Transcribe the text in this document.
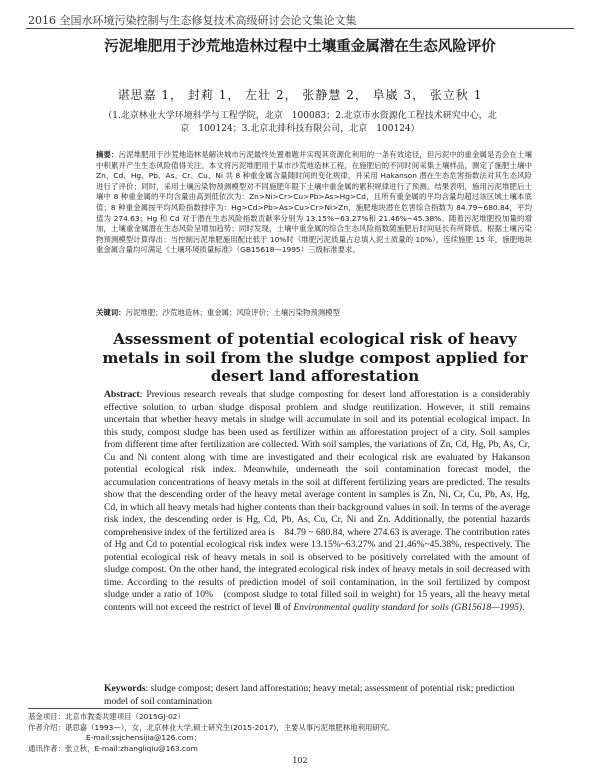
2016 全国水环境污染控制与生态修复技术高级研讨会论文集论文集
污泥堆肥用于沙荒地造林过程中土壤重金属潜在生态风险评价
谌思嘉 1， 封莉 1， 左壮 2， 张静慧 2， 阜崴 3， 张立秋 1
（1.北京林业大学环境科学与工程学院，北京　100083；2.北京市水资源化工程技术研究中心，北京　100124；3.北京北排科技有限公司，北京　100124）
摘要：污泥堆肥用于沙荒地造林是解决城市污泥最终处置难题并实现其资源化利用的一条有效途径，但污泥中的重金属是否会在土壤中积累并产生生态风险值得关注。本文将污泥堆肥用于某市沙荒地造林工程，在施肥后的不同时间采集土壤样品，测定了施肥土壤中 Zn、Cd、Hg、Pb、As、Cr、Cu、Ni 共 8 种重金属含量随时间的变化规律，并采用 Hakanson 潜在生态危害指数法对其生态风险进行了评价；同时，采用土壤污染物预测模型对不同施肥年限下土壤中重金属的累积规律进行了预测。结果表明，施用污泥堆肥后土壤中 8 种重金属的平均含量由高到低依次为：Zn>Ni>Cr>Cu>Pb>As>Hg>Cd，且所有重金属的平均含量均超过该区域土壤本底值；8 种重金属按平均风险指数排序为：Hg>Cd>Pb>As>Cu>Cr>Ni>Zn，施肥地块潜在危害综合指数为 84.79~680.84，平均值为 274.63；Hg 和 Cd 对于潜在生态风险指数贡献率分别为 13.15%~63.27%和 21.46%~45.38%。随着污泥堆肥投加量的增加，土壤重金属潜在生态风险呈增加趋势；同时发现，土壤中重金属的综合生态风险指数随施肥后时间延长有所降低。根据土壤污染物预测模型计算得出：当控制污泥堆肥施用配比低于 10%时（堆肥污泥质量占总填入泥土质量的 10%），连续施肥 15 年，施肥地块重金属含量均可满足《土壤环境质量标准》（GB15618—1995）三级标准要求。
关键词：污泥堆肥；沙荒地造林；重金属；风险评价；土壤污染物预测模型
Assessment of potential ecological risk of heavy metals in soil from the sludge compost applied for desert land afforestation
Abstract: Previous research reveals that sludge composting for desert land afforestation is a considerably effective solution to urban sludge disposal problem and sludge reutilization. However, it still remains uncertain that whether heavy metals in sludge will accumulate in soil and its potential ecological impact. In this study, compost sludge has been used as fertilizer within an afforestation project of a city. Soil samples from different time after fertilization are collected. With soil samples, the variations of Zn, Cd, Hg, Pb, As, Cr, Cu and Ni content along with time are investigated and their ecological risk are evaluated by Hakanson potential ecological risk index. Meanwhile, underneath the soil contamination forecast model, the accumulation concentrations of heavy metals in the soil at different fertilizing years are predicted. The results show that the descending order of the heavy metal average content in samples is Zn, Ni, Cr, Cu, Pb, As, Hg, Cd, in which all heavy metals had higher contents than their background values in soil. In terms of the average risk index, the descending order is Hg, Cd, Pb, As, Cu, Cr, Ni and Zn. Additionally, the potential hazards comprehensive index of the fertilized area is　84.79 ~ 680.84, where 274.63 is average. The contribution rates of Hg and Cd to potential ecological risk index were 13.15%~63.27% and 21.46%~45.38%, respectively. The potential ecological risk of heavy metals in soil is observed to be positively correlated with the amount of sludge compost. On the other hand, the integrated ecological risk index of heavy metals in soil decreased with time. According to the results of prediction model of soil contamination, in the soil fertilized by compost sludge under a ratio of 10%　(compost sludge to total filled soil in weight) for 15 years, all the heavy metal contents will not exceed the restrict of level Ⅲ of Environmental quality standard for soils (GB15618—1995).
Keywords: sludge compost; desert land afforestation; heavy metal; assessment of potential risk; prediction model of soil contamination
基金项目：北京市教委共建项目（2015GJ-02）
作者介绍：谌思嘉（1993—），女，北京林业大学,硕士研究生(2015-2017)，主要从事污泥堆肥林地利用研究。
E-mail:ssjchensijia@126.com；
通讯作者：张立秋，E-mail:zhangliqiu@163.com
102
